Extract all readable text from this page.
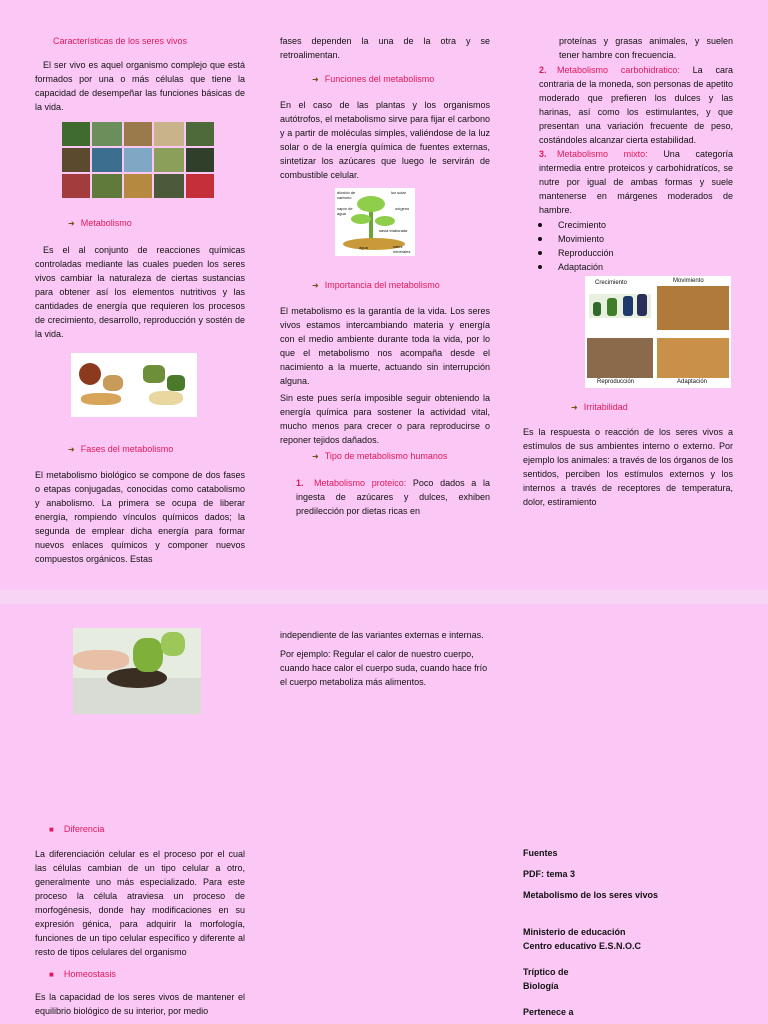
Características de los seres vivos

El ser vivo es aquel organismo complejo que está formados por una o más células que tiene la capacidad de desempeñar las funciones básicas de la vida.

➜ Metabolismo

Es el al conjunto de reacciones químicas controladas mediante las cuales pueden los seres vivos cambiar la naturaleza de ciertas sustancias para obtener así los elementos nutritivos y las cantidades de energía que requieren los procesos de crecimiento, desarrollo, reproducción y sostén de la vida.

➜ Fases del metabolismo

El metabolismo biológico se compone de dos fases o etapas conjugadas, conocidas como catabolismo y anabolismo. La primera se ocupa de liberar energía, rompiendo vínculos químicos dados; la segunda de emplear dicha energía para formar nuevos enlaces químicos y componer nuevos compuestos orgánicos. Estas

fases dependen la una de la otra y se retroalimentan.

➜ Funciones del metabolismo

En el caso de las plantas y los organismos autótrofos, el metabolismo sirve para fijar el carbono y a partir de moléculas simples, valiéndose de la luz solar o de la energía química de fuentes externas, sintetizar los azúcares que luego le servirán de combustible celular.

dióxido de carbono
luz solar
vapor de agua
oxígeno
savia elaborada
agua	sales minerales
➜ Importancia del metabolismo

El metabolismo es la garantía de la vida. Los seres vivos estamos intercambiando materia y energía con el medio ambiente durante toda la vida, por lo que el metabolismo nos acompaña desde el nacimiento a la muerte, actuando sin interrupción alguna.

Sin este pues sería imposible seguir obteniendo la energía química para sostener la actividad vital, mucho menos para crecer o para reproducirse o reponer tejidos dañados.

➜ Tipo de metabolismo humanos
1. Metabolismo proteico: Poco dados a la ingesta de azúcares y dulces, exhiben predilección por dietas ricas en

proteínas y grasas animales, y suelen tener hambre con frecuencia.

2. Metabolismo carbohidratico: La cara contraria de la moneda, son personas de apetito moderado que prefieren los dulces y las harinas, así como los estimulantes, y que presentan una variación frecuente de peso, costándoles alcanzar cierta estabilidad.
3. Metabolismo mixto: Una categoría intermedia entre proteicos y carbohidratícos, se nutre por igual de ambas formas y suele mantenerse en márgenes moderados de hambre.
Crecimiento
Movimiento
Reproducción
Adaptación
Crecimiento	Movimiento
Reproducción	Adaptación
➜ Irritabilidad

Es la respuesta o reacción de los seres vivos a estímulos de sus ambientes interno o externo. Por ejemplo los animales: a través de los órganos de los sentidos, perciben los estímulos externos y los internos a través de receptores de temperatura, dolor, estiramiento

■ Diferencia

La diferenciación celular es el proceso por el cual las células cambian de un tipo celular a otro, generalmente uno más especializado. Para este proceso la célula atraviesa un proceso de morfogénesis, donde hay modificaciones en su expresión génica, para adquirir la morfología, funciones de un tipo celular específico y diferente al resto de tipos celulares del organismo

■ Homeostasis

Es la capacidad de los seres vivos de mantener el equilibrio biológico de su interior, por medio

independiente de las variantes externas e internas.

Por ejemplo: Regular el calor de nuestro cuerpo, cuando hace calor el cuerpo suda, cuando hace frío el cuerpo metaboliza más alimentos.

Fuentes
PDF: tema 3
Metabolismo de los seres vivos
Ministerio de educación
Centro educativo E.S.N.O.C
Tríptico de
Biología
Pertenece a
